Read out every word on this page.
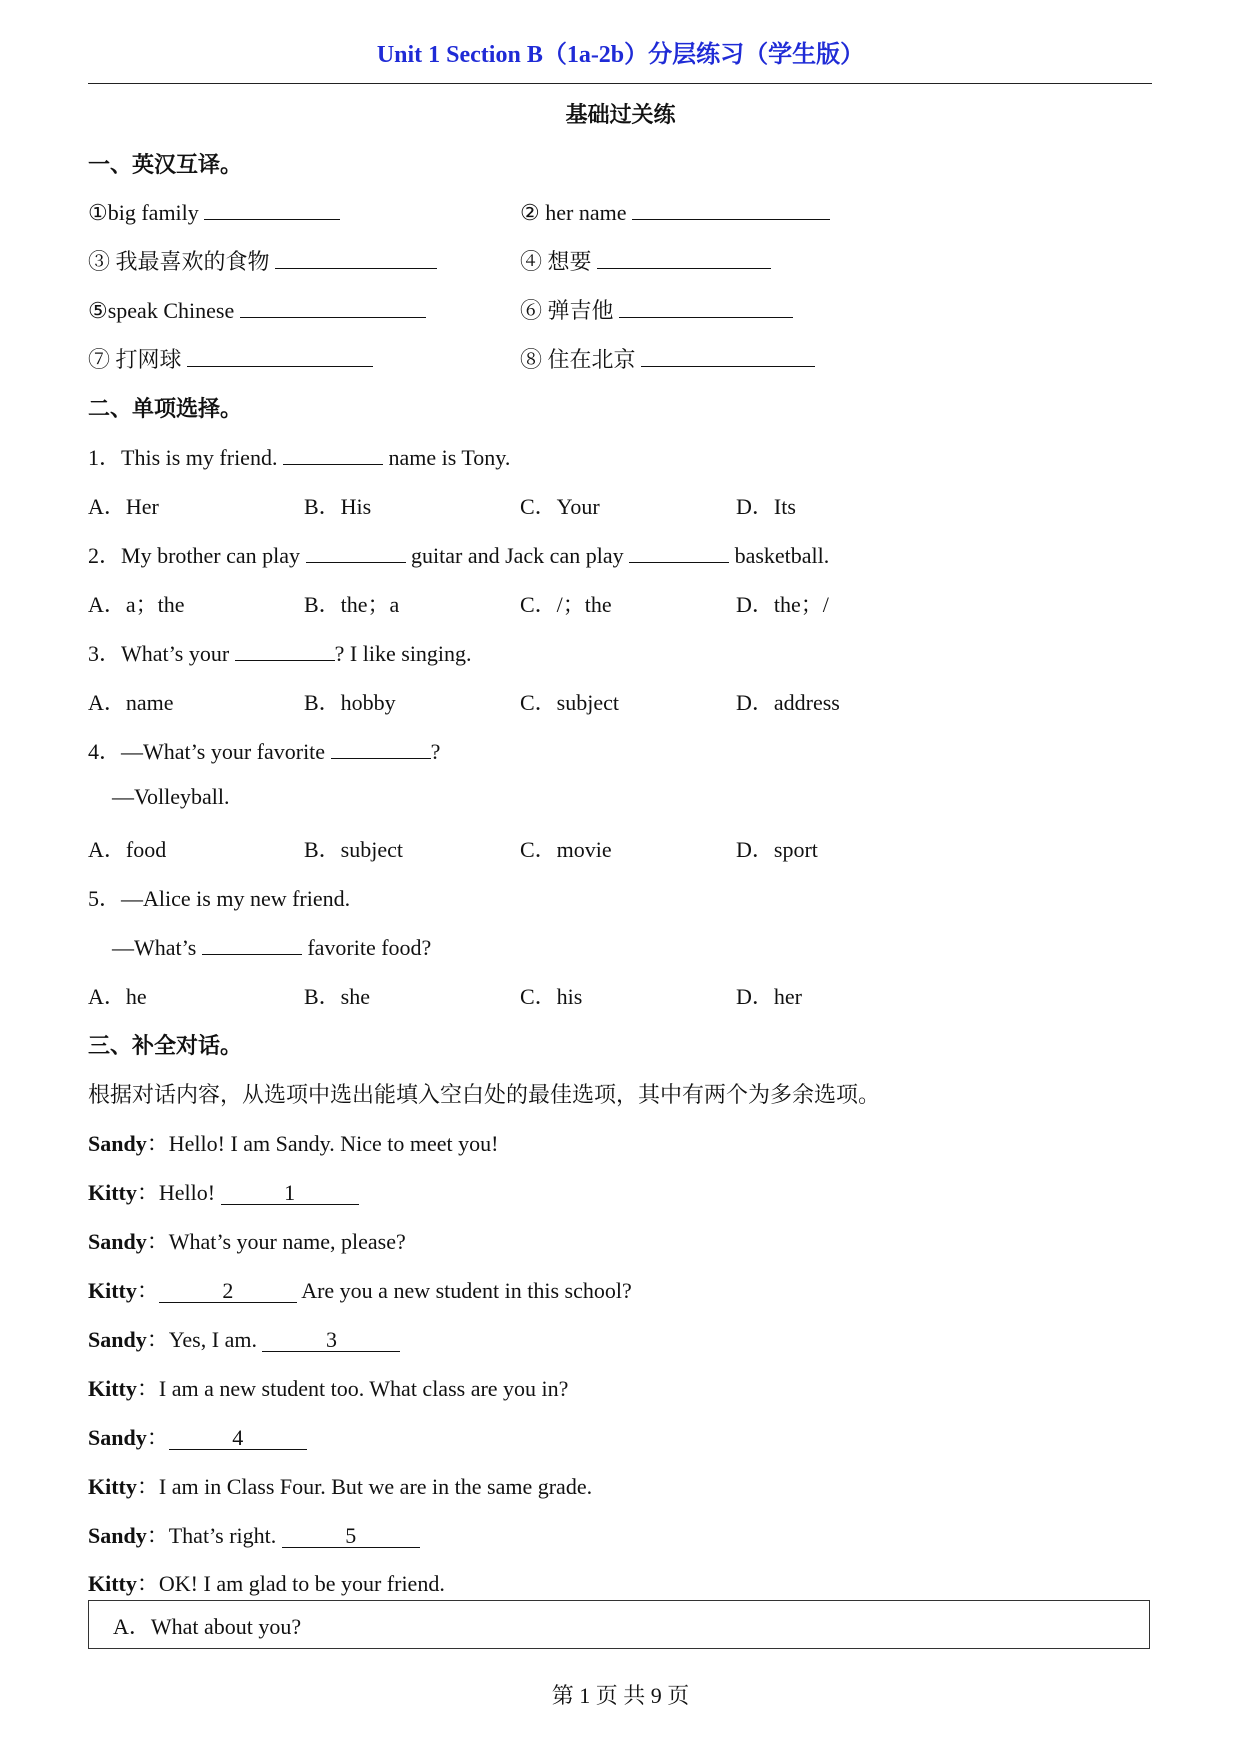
Unit 1 Section B（1a-2b）分层练习（学生版）
基础过关练
一、英汉互译。
①big family	② her name
③ 我最喜欢的食物	④ 想要
⑤speak Chinese	⑥ 弹吉他
⑦ 打网球	⑧ 住在北京
二、单项选择。
1．This is my friend.	name is Tony.
A．Her	B．His	C．Your	D．Its
2．My brother can play	guitar and Jack can play	basketball.
A．a；the	B．the；a	C．/；the	D．the；/
3．What’s your	? I like singing.
A．name	B．hobby	C．subject	D．address
4．—What’s your favorite	?
—Volleyball.
A．food	B．subject	C．movie	D．sport
5．—Alice is my new friend.
—What’s	favorite food?
A．he	B．she	C．his	D．her
三、补全对话。
根据对话内容，从选项中选出能填入空白处的最佳选项，其中有两个为多余选项。
Sandy：Hello! I am Sandy. Nice to meet you!
Kitty：Hello!	1
Sandy：What’s your name, please?
Kitty：	2	Are you a new student in this school?
Sandy：Yes, I am.	3
Kitty：I am a new student too. What class are you in?
Sandy：	4
Kitty：I am in Class Four. But we are in the same grade.
Sandy：That’s right.	5
Kitty：OK! I am glad to be your friend.
A．What about you?
第 1 页 共 9 页
